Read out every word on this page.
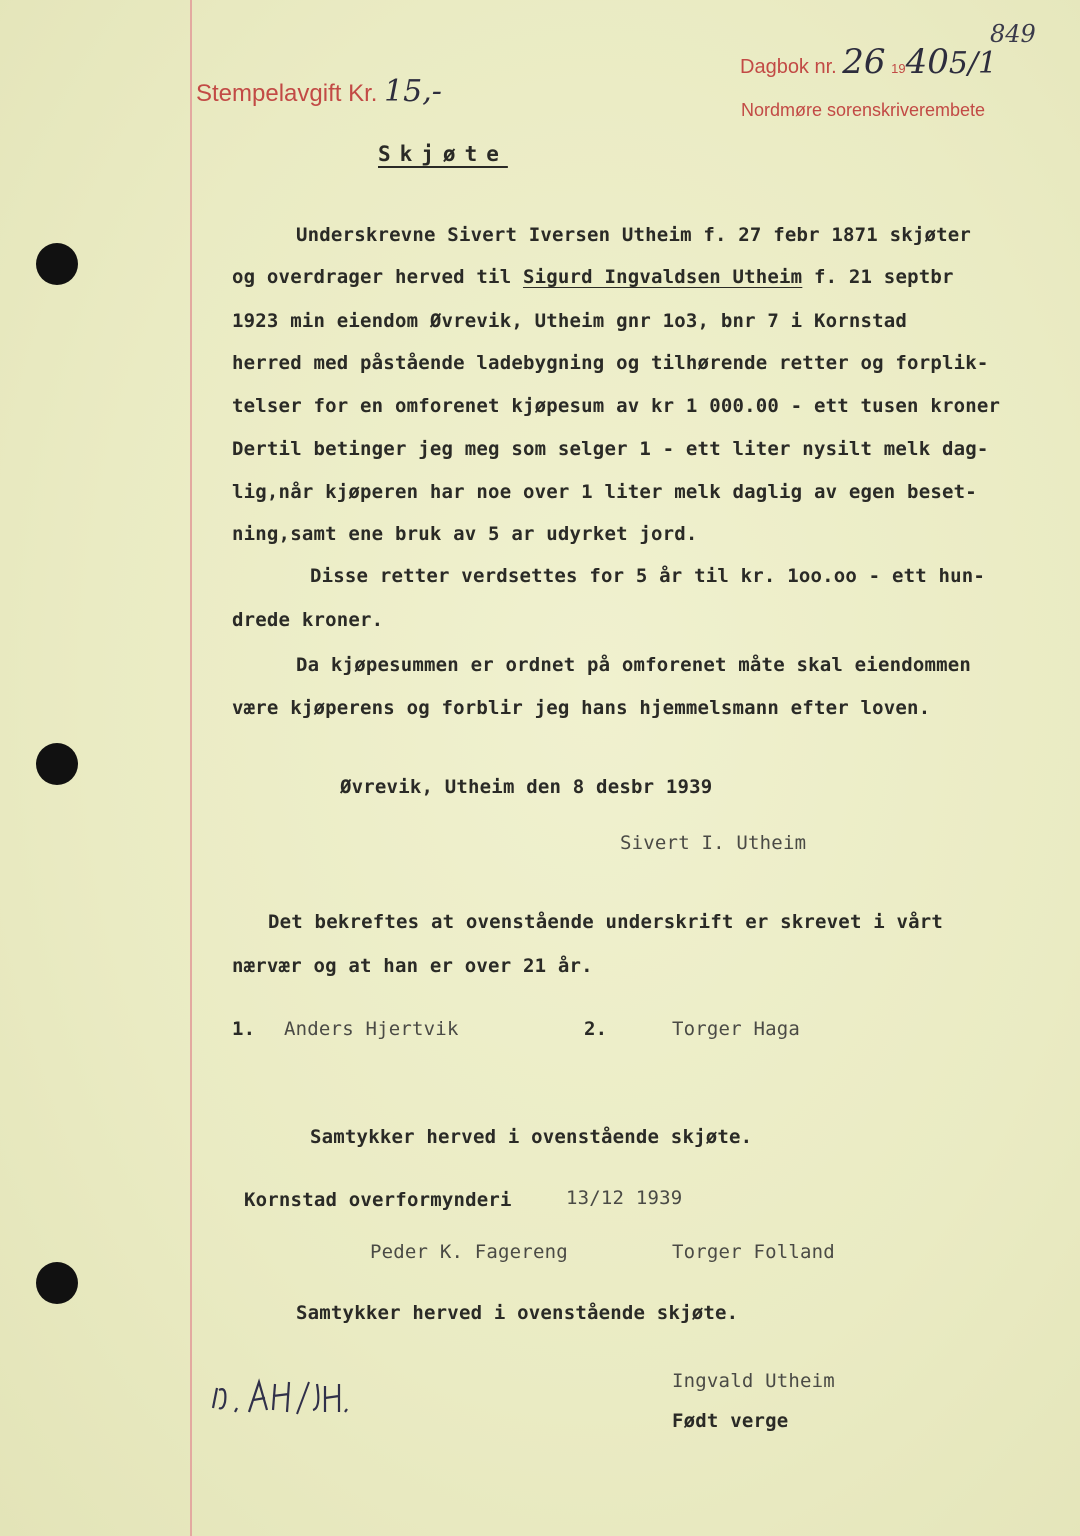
Stempelavgift Kr. 15,-
Dagbok nr. 26 19405/1
Nordmøre sorenskriverembete
849
Skjøte
Underskrevne Sivert Iversen Utheim f. 27 febr 1871 skjøter
og overdrager herved til Sigurd Ingvaldsen Utheim f. 21 septbr
1923 min eiendom Øvrevik, Utheim gnr 1o3, bnr 7 i Kornstad
herred med påstående ladebygning og tilhørende retter og forplik-
telser for en omforenet kjøpesum av kr 1 000.00 - ett tusen kroner
Dertil betinger jeg meg som selger 1 - ett liter nysilt melk dag-
lig,når kjøperen har noe over 1 liter melk daglig av egen beset-
ning,samt ene bruk av 5 ar udyrket jord.
Disse retter verdsettes for 5 år til kr. 1oo.oo - ett hun-
drede kroner.
Da kjøpesummen er ordnet på omforenet måte skal eiendommen
være kjøperens og forblir jeg hans hjemmelsmann efter loven.
Øvrevik, Utheim den 8 desbr 1939
Sivert I. Utheim
Det bekreftes at ovenstående underskrift er skrevet i vårt
nærvær og at han er over 21 år.
1. Anders Hjertvik	2.	Torger Haga
Samtykker herved i ovenstående skjøte.
Kornstad overformynderi	13/12 1939
Peder K. Fagereng	Torger Folland
Samtykker herved i ovenstående skjøte.
Ingvald Utheim
Født verge
